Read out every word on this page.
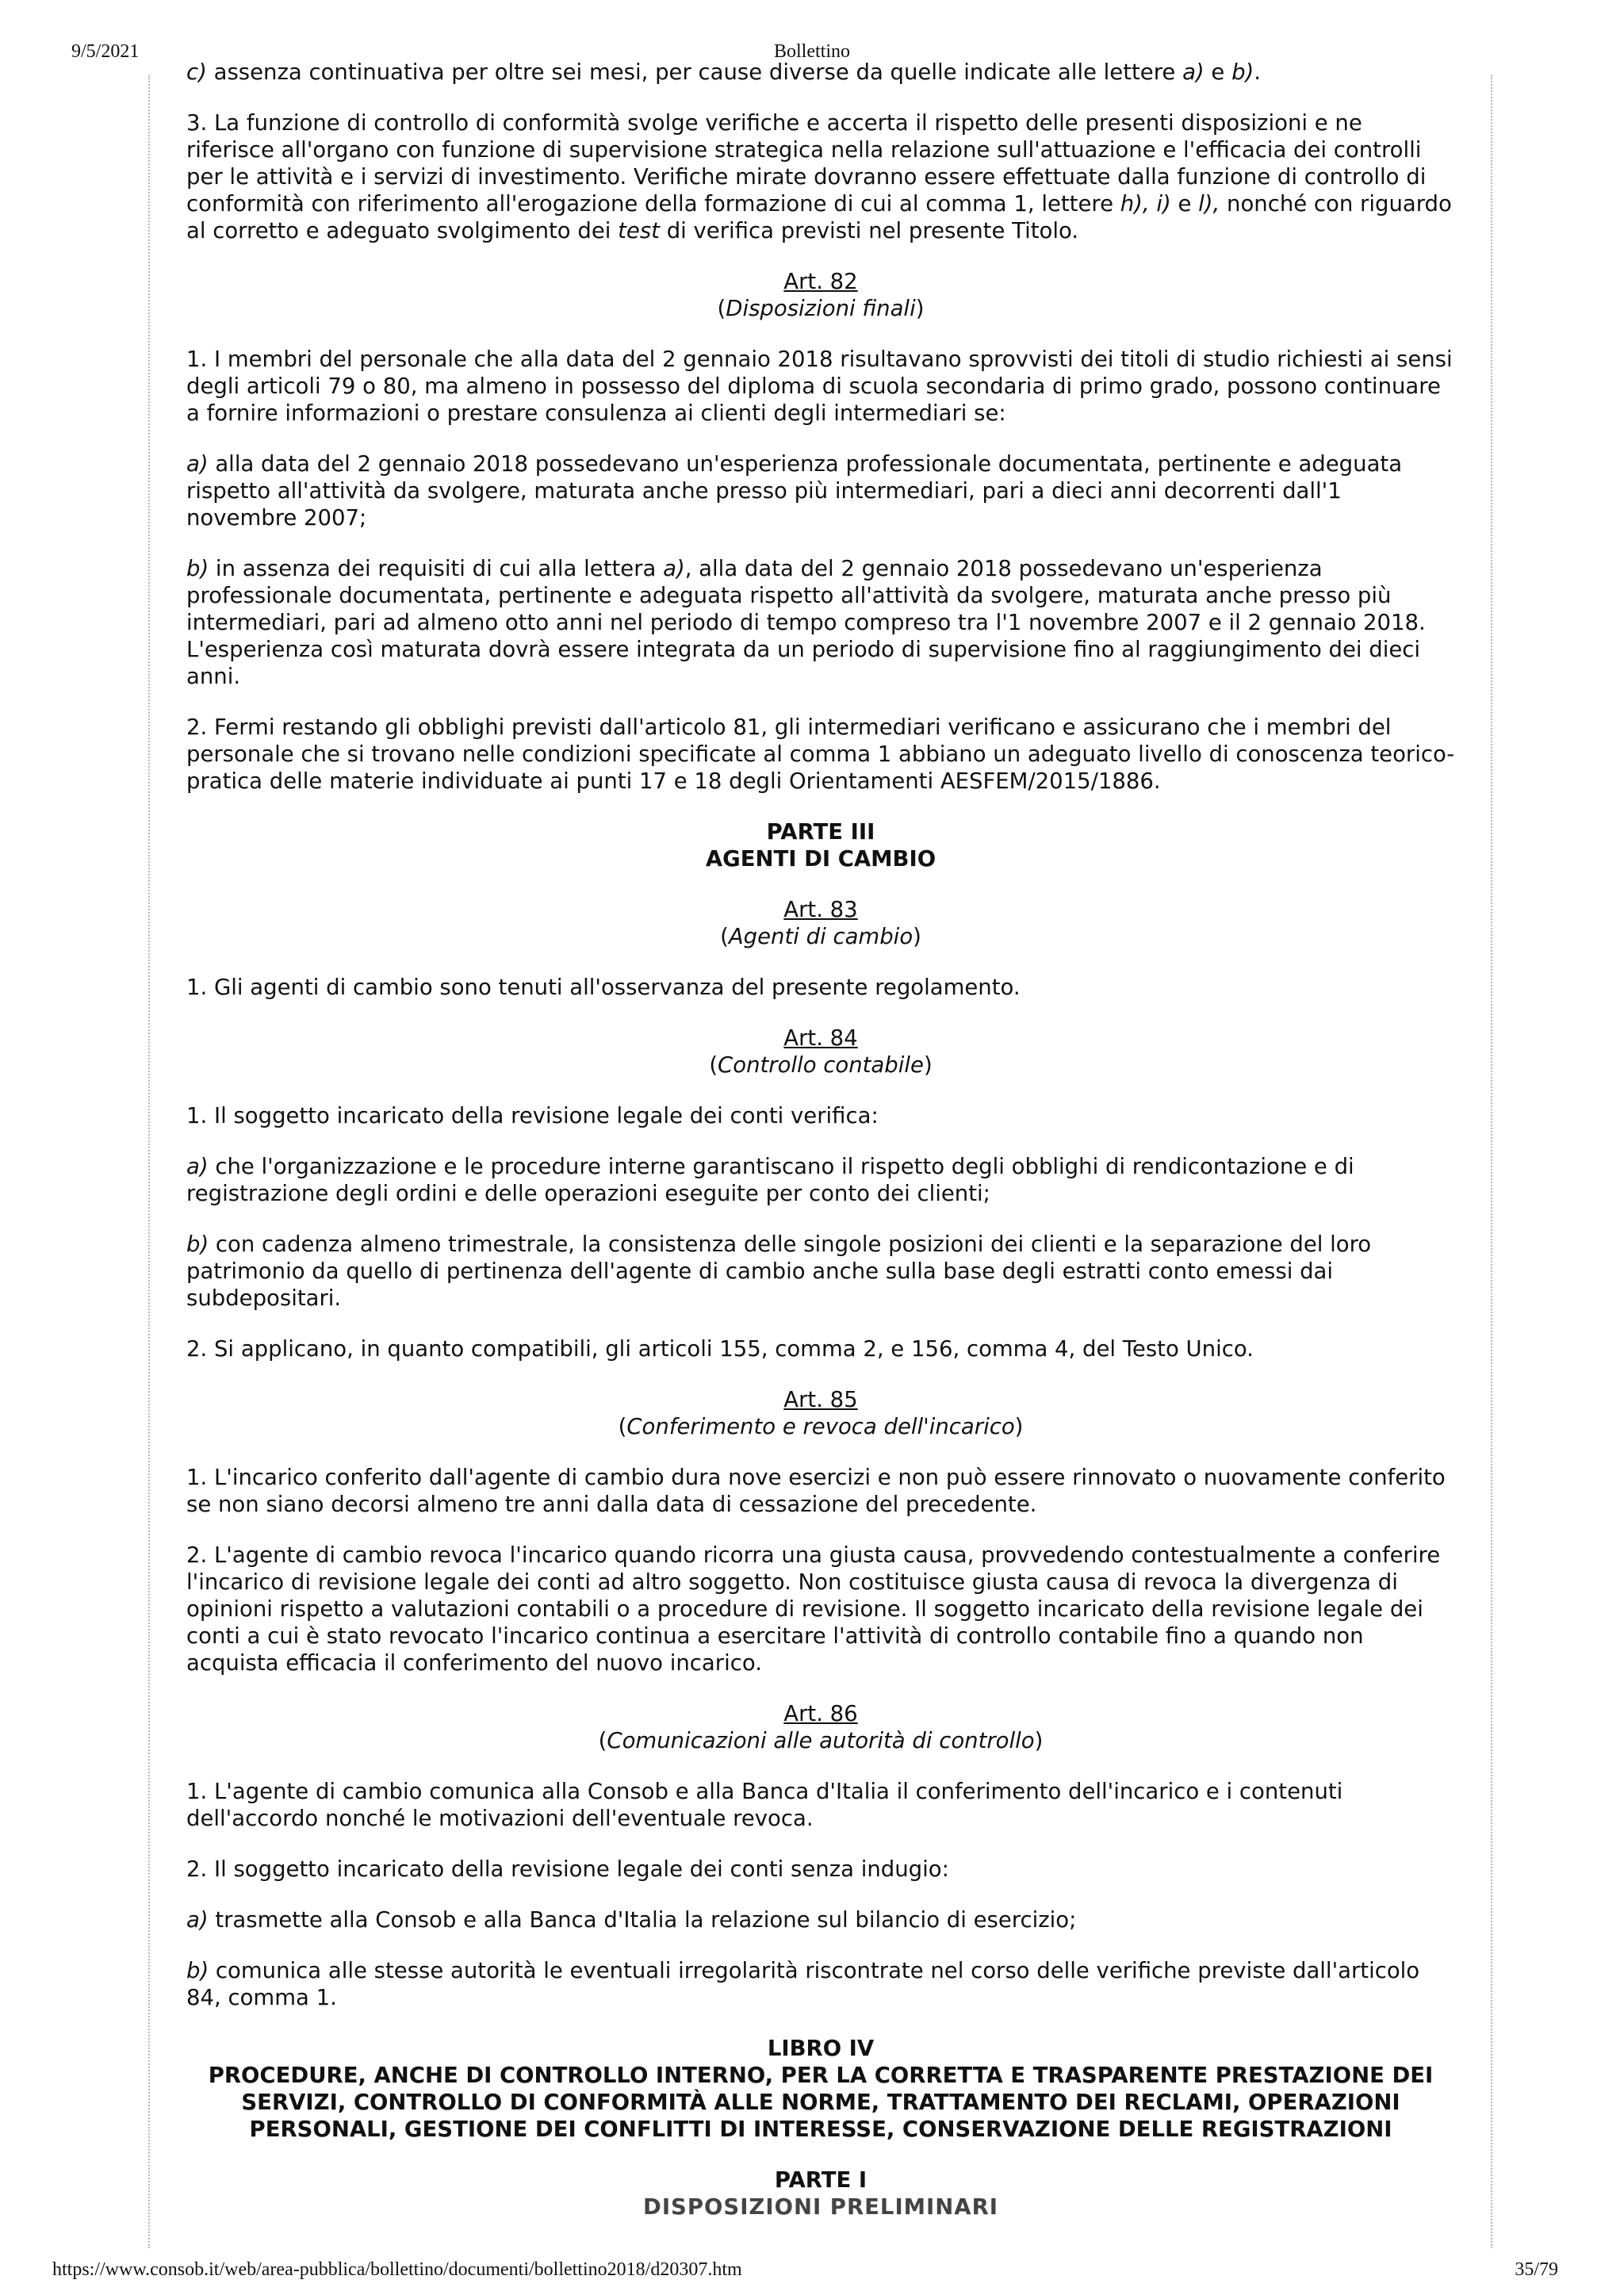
9/5/2021	Bollettino

c) assenza continuativa per oltre sei mesi, per cause diverse da quelle indicate alle lettere a) e b).

3. La funzione di controllo di conformità svolge verifiche e accerta il rispetto delle presenti disposizioni e ne riferisce all'organo con funzione di supervisione strategica nella relazione sull'attuazione e l'efficacia dei controlli per le attività e i servizi di investimento. Verifiche mirate dovranno essere effettuate dalla funzione di controllo di conformità con riferimento all'erogazione della formazione di cui al comma 1, lettere h), i) e l), nonché con riguardo al corretto e adeguato svolgimento dei test di verifica previsti nel presente Titolo.

Art. 82
(Disposizioni finali)

1. I membri del personale che alla data del 2 gennaio 2018 risultavano sprovvisti dei titoli di studio richiesti ai sensi degli articoli 79 o 80, ma almeno in possesso del diploma di scuola secondaria di primo grado, possono continuare a fornire informazioni o prestare consulenza ai clienti degli intermediari se:

a) alla data del 2 gennaio 2018 possedevano un'esperienza professionale documentata, pertinente e adeguata rispetto all'attività da svolgere, maturata anche presso più intermediari, pari a dieci anni decorrenti dall'1 novembre 2007;

b) in assenza dei requisiti di cui alla lettera a), alla data del 2 gennaio 2018 possedevano un'esperienza professionale documentata, pertinente e adeguata rispetto all'attività da svolgere, maturata anche presso più intermediari, pari ad almeno otto anni nel periodo di tempo compreso tra l'1 novembre 2007 e il 2 gennaio 2018. L'esperienza così maturata dovrà essere integrata da un periodo di supervisione fino al raggiungimento dei dieci anni.

2. Fermi restando gli obblighi previsti dall'articolo 81, gli intermediari verificano e assicurano che i membri del personale che si trovano nelle condizioni specificate al comma 1 abbiano un adeguato livello di conoscenza teorico-pratica delle materie individuate ai punti 17 e 18 degli Orientamenti AESFEM/2015/1886.

PARTE III
AGENTI DI CAMBIO
Art. 83
(Agenti di cambio)

1. Gli agenti di cambio sono tenuti all'osservanza del presente regolamento.

Art. 84
(Controllo contabile)

1. Il soggetto incaricato della revisione legale dei conti verifica:

a) che l'organizzazione e le procedure interne garantiscano il rispetto degli obblighi di rendicontazione e di registrazione degli ordini e delle operazioni eseguite per conto dei clienti;

b) con cadenza almeno trimestrale, la consistenza delle singole posizioni dei clienti e la separazione del loro patrimonio da quello di pertinenza dell'agente di cambio anche sulla base degli estratti conto emessi dai subdepositari.

2. Si applicano, in quanto compatibili, gli articoli 155, comma 2, e 156, comma 4, del Testo Unico.

Art. 85
(Conferimento e revoca dell'incarico)

1. L'incarico conferito dall'agente di cambio dura nove esercizi e non può essere rinnovato o nuovamente conferito se non siano decorsi almeno tre anni dalla data di cessazione del precedente.

2. L'agente di cambio revoca l'incarico quando ricorra una giusta causa, provvedendo contestualmente a conferire l'incarico di revisione legale dei conti ad altro soggetto. Non costituisce giusta causa di revoca la divergenza di opinioni rispetto a valutazioni contabili o a procedure di revisione. Il soggetto incaricato della revisione legale dei conti a cui è stato revocato l'incarico continua a esercitare l'attività di controllo contabile fino a quando non acquista efficacia il conferimento del nuovo incarico.

Art. 86
(Comunicazioni alle autorità di controllo)

1. L'agente di cambio comunica alla Consob e alla Banca d'Italia il conferimento dell'incarico e i contenuti dell'accordo nonché le motivazioni dell'eventuale revoca.

2. Il soggetto incaricato della revisione legale dei conti senza indugio:

a) trasmette alla Consob e alla Banca d'Italia la relazione sul bilancio di esercizio;

b) comunica alle stesse autorità le eventuali irregolarità riscontrate nel corso delle verifiche previste dall'articolo 84, comma 1.

LIBRO IV
PROCEDURE, ANCHE DI CONTROLLO INTERNO, PER LA CORRETTA E TRASPARENTE PRESTAZIONE DEI SERVIZI, CONTROLLO DI CONFORMITÀ ALLE NORME, TRATTAMENTO DEI RECLAMI, OPERAZIONI PERSONALI, GESTIONE DEI CONFLITTI DI INTERESSE, CONSERVAZIONE DELLE REGISTRAZIONI
PARTE I
DISPOSIZIONI PRELIMINARI
https://www.consob.it/web/area-pubblica/bollettino/documenti/bollettino2018/d20307.htm	35/79
